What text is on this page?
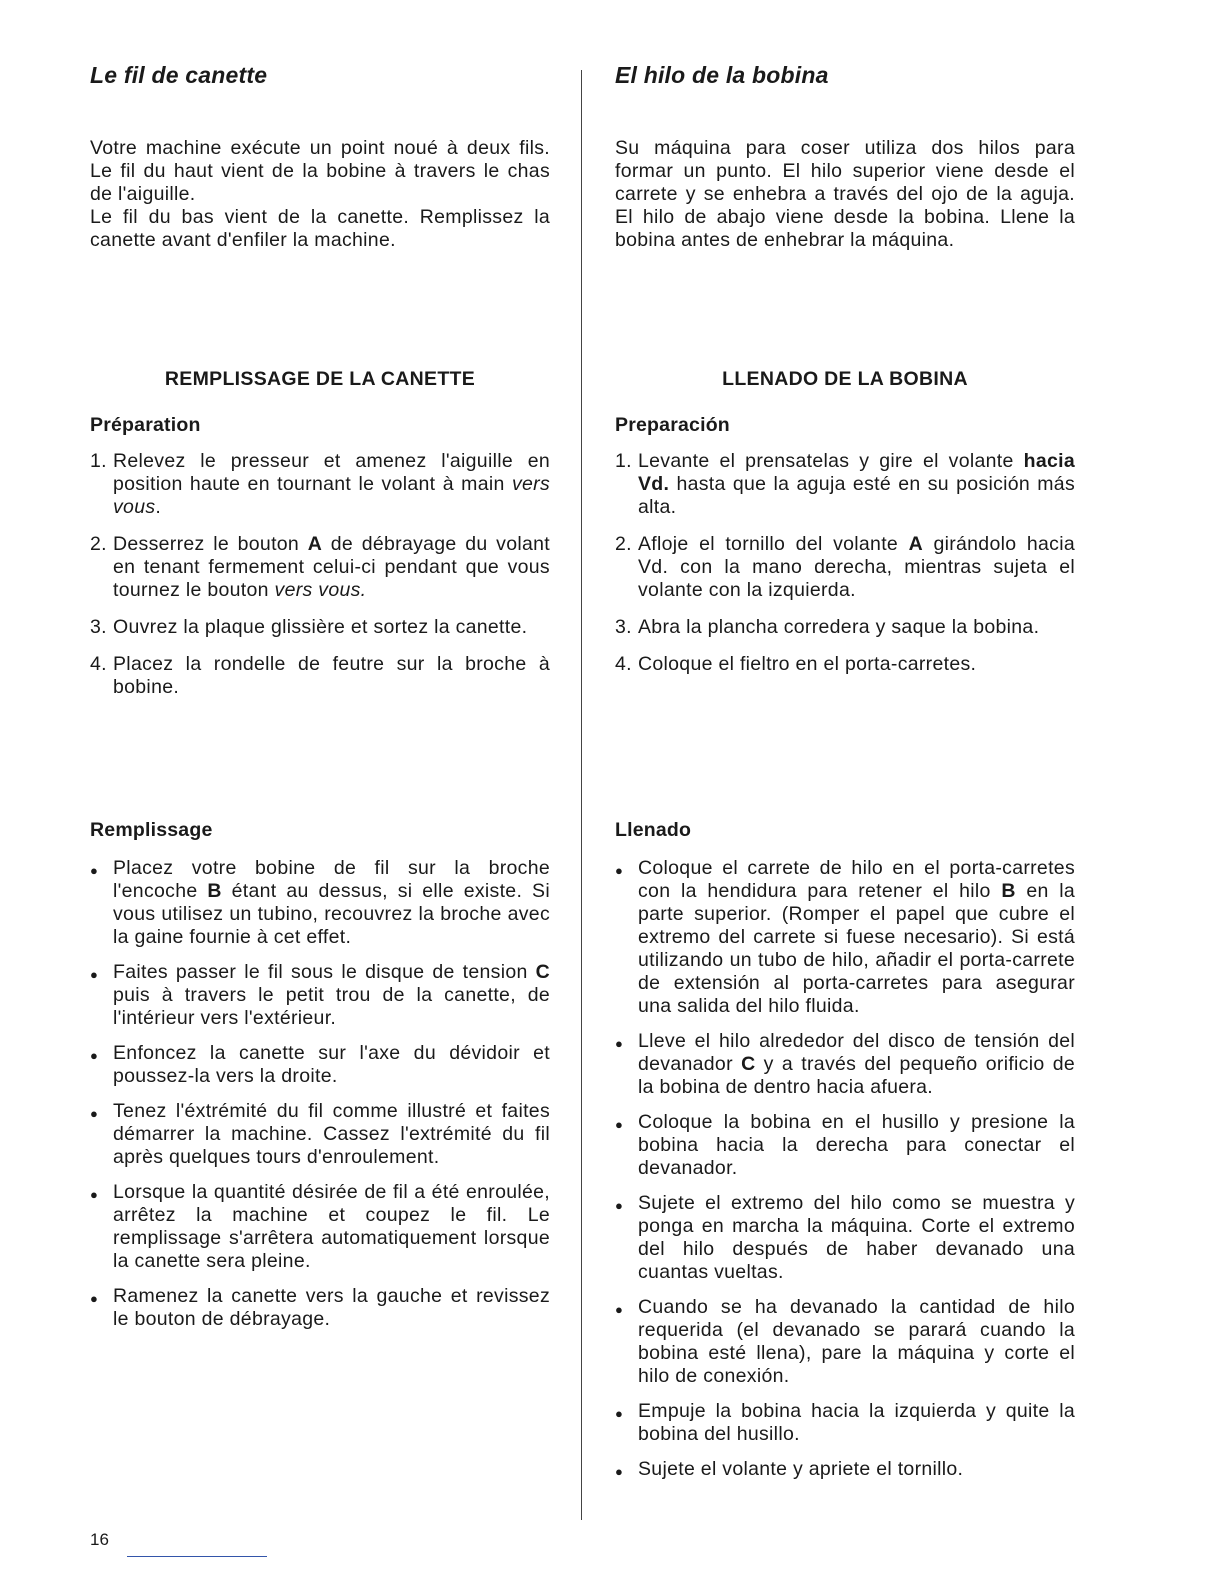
Le fil de canette

Votre machine exécute un point noué à deux fils. Le fil du haut vient de la bobine à travers le chas de l'aiguille.

Le fil du bas vient de la canette. Remplissez la canette avant d'enfiler la machine.

REMPLISSAGE DE LA CANETTE
Préparation
1. Relevez le presseur et amenez l'aiguille en position haute en tournant le volant à main vers vous.
2. Desserrez le bouton A de débrayage du volant en tenant fermement celui-ci pendant que vous tournez le bouton vers vous.
3. Ouvrez la plaque glissière et sortez la canette.
4. Placez la rondelle de feutre sur la broche à bobine.
Remplissage
● Placez votre bobine de fil sur la broche l'encoche B étant au dessus, si elle existe. Si vous utilisez un tubino, recouvrez la broche avec la gaine fournie à cet effet.
● Faites passer le fil sous le disque de tension C puis à travers le petit trou de la canette, de l'intérieur vers l'extérieur.
● Enfoncez la canette sur l'axe du dévidoir et poussez-la vers la droite.
● Tenez l'éxtrémité du fil comme illustré et faites démarrer la machine. Cassez l'extrémité du fil après quelques tours d'enroulement.
● Lorsque la quantité désirée de fil a été enroulée, arrêtez la machine et coupez le fil. Le remplissage s'arrêtera automatiquement lorsque la canette sera pleine.
● Ramenez la canette vers la gauche et revissez le bouton de débrayage.
El hilo de la bobina

Su máquina para coser utiliza dos hilos para formar un punto. El hilo superior viene desde el carrete y se enhebra a través del ojo de la aguja. El hilo de abajo viene desde la bobina. Llene la bobina antes de enhebrar la máquina.

LLENADO DE LA BOBINA
Preparación
1. Levante el prensatelas y gire el volante hacia Vd. hasta que la aguja esté en su posición más alta.
2. Afloje el tornillo del volante A girándolo hacia Vd. con la mano derecha, mientras sujeta el volante con la izquierda.
3. Abra la plancha corredera y saque la bobina.
4. Coloque el fieltro en el porta-carretes.
Llenado
● Coloque el carrete de hilo en el porta-carretes con la hendidura para retener el hilo B en la parte superior. (Romper el papel que cubre el extremo del carrete si fuese necesario). Si está utilizando un tubo de hilo, añadir el porta-carrete de extensión al porta-carretes para asegurar una salida del hilo fluida.
● Lleve el hilo alrededor del disco de tensión del devanador C y a través del pequeño orificio de la bobina de dentro hacia afuera.
● Coloque la bobina en el husillo y presione la bobina hacia la derecha para conectar el devanador.
● Sujete el extremo del hilo como se muestra y ponga en marcha la máquina. Corte el extremo del hilo después de haber devanado una cuantas vueltas.
● Cuando se ha devanado la cantidad de hilo requerida (el devanado se parará cuando la bobina esté llena), pare la máquina y corte el hilo de conexión.
● Empuje la bobina hacia la izquierda y quite la bobina del husillo.
● Sujete el volante y apriete el tornillo.
16
